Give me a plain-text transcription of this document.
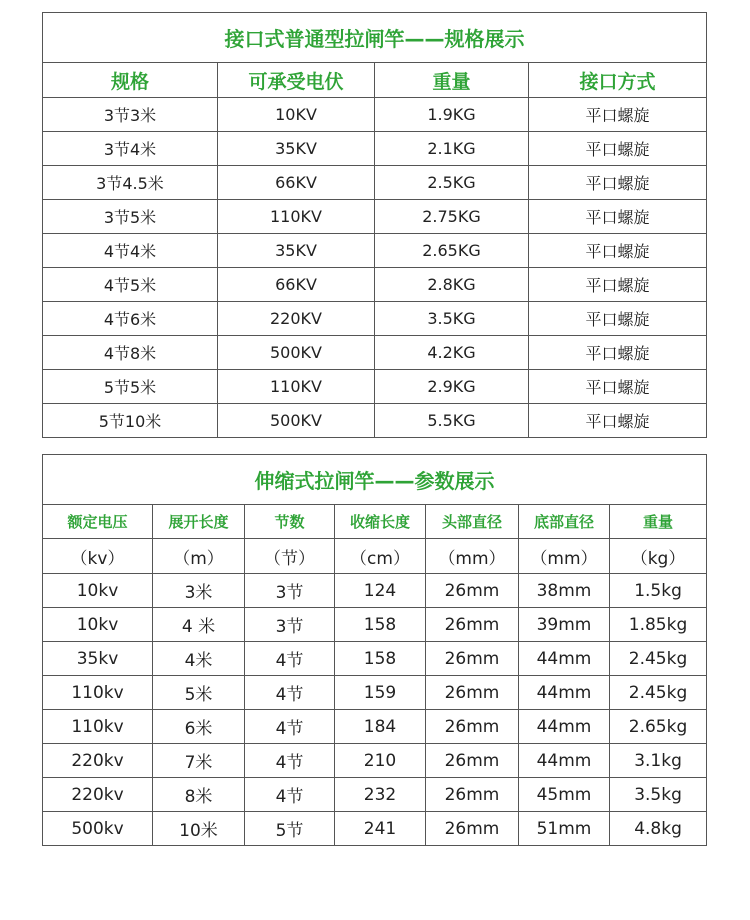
接口式普通型拉闸竿——规格展示			
规格	可承受电伏	重量	接口方式
3节3米	10KV	1.9KG	平口螺旋
3节4米	35KV	2.1KG	平口螺旋
3节4.5米	66KV	2.5KG	平口螺旋
3节5米	110KV	2.75KG	平口螺旋
4节4米	35KV	2.65KG	平口螺旋
4节5米	66KV	2.8KG	平口螺旋
4节6米	220KV	3.5KG	平口螺旋
4节8米	500KV	4.2KG	平口螺旋
5节5米	110KV	2.9KG	平口螺旋
5节10米	500KV	5.5KG	平口螺旋
伸缩式拉闸竿——参数展示						
额定电压	展开长度	节数	收缩长度	头部直径	底部直径	重量
（kv）	（m）	（节）	（cm）	（mm）	（mm）	（kg）
10kv	3米	3节	124	26mm	38mm	1.5kg
10kv	4 米	3节	158	26mm	39mm	1.85kg
35kv	4米	4节	158	26mm	44mm	2.45kg
110kv	5米	4节	159	26mm	44mm	2.45kg
110kv	6米	4节	184	26mm	44mm	2.65kg
220kv	7米	4节	210	26mm	44mm	3.1kg
220kv	8米	4节	232	26mm	45mm	3.5kg
500kv	10米	5节	241	26mm	51mm	4.8kg
